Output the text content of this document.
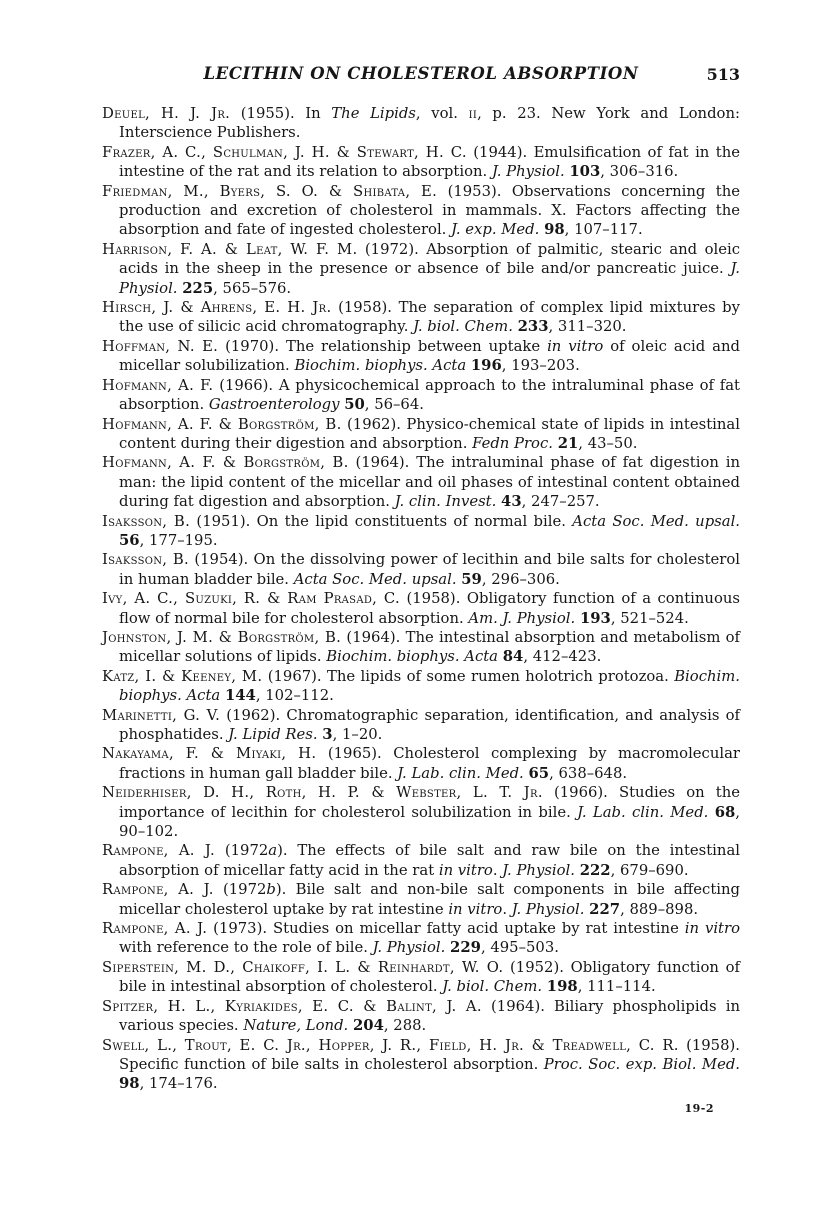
LECITHIN ON CHOLESTEROL ABSORPTION	513

Deuel, H. J. Jr. (1955). In The Lipids, vol. ii, p. 23. New York and London: Interscience Publishers.

Frazer, A. C., Schulman, J. H. & Stewart, H. C. (1944). Emulsification of fat in the intestine of the rat and its relation to absorption. J. Physiol. 103, 306–316.

Friedman, M., Byers, S. O. & Shibata, E. (1953). Observations concerning the production and excretion of cholesterol in mammals. X. Factors affecting the absorption and fate of ingested cholesterol. J. exp. Med. 98, 107–117.

Harrison, F. A. & Leat, W. F. M. (1972). Absorption of palmitic, stearic and oleic acids in the sheep in the presence or absence of bile and/or pancreatic juice. J. Physiol. 225, 565–576.

Hirsch, J. & Ahrens, E. H. Jr. (1958). The separation of complex lipid mixtures by the use of silicic acid chromatography. J. biol. Chem. 233, 311–320.

Hoffman, N. E. (1970). The relationship between uptake in vitro of oleic acid and micellar solubilization. Biochim. biophys. Acta 196, 193–203.

Hofmann, A. F. (1966). A physicochemical approach to the intraluminal phase of fat absorption. Gastroenterology 50, 56–64.

Hofmann, A. F. & Borgström, B. (1962). Physico-chemical state of lipids in intestinal content during their digestion and absorption. Fedn Proc. 21, 43–50.

Hofmann, A. F. & Borgström, B. (1964). The intraluminal phase of fat digestion in man: the lipid content of the micellar and oil phases of intestinal content obtained during fat digestion and absorption. J. clin. Invest. 43, 247–257.

Isaksson, B. (1951). On the lipid constituents of normal bile. Acta Soc. Med. upsal. 56, 177–195.

Isaksson, B. (1954). On the dissolving power of lecithin and bile salts for cholesterol in human bladder bile. Acta Soc. Med. upsal. 59, 296–306.

Ivy, A. C., Suzuki, R. & Ram Prasad, C. (1958). Obligatory function of a continuous flow of normal bile for cholesterol absorption. Am. J. Physiol. 193, 521–524.

Johnston, J. M. & Borgström, B. (1964). The intestinal absorption and metabolism of micellar solutions of lipids. Biochim. biophys. Acta 84, 412–423.

Katz, I. & Keeney, M. (1967). The lipids of some rumen holotrich protozoa. Biochim. biophys. Acta 144, 102–112.

Marinetti, G. V. (1962). Chromatographic separation, identification, and analysis of phosphatides. J. Lipid Res. 3, 1–20.

Nakayama, F. & Miyaki, H. (1965). Cholesterol complexing by macromolecular fractions in human gall bladder bile. J. Lab. clin. Med. 65, 638–648.

Neiderhiser, D. H., Roth, H. P. & Webster, L. T. Jr. (1966). Studies on the importance of lecithin for cholesterol solubilization in bile. J. Lab. clin. Med. 68, 90–102.

Rampone, A. J. (1972a). The effects of bile salt and raw bile on the intestinal absorption of micellar fatty acid in the rat in vitro. J. Physiol. 222, 679–690.

Rampone, A. J. (1972b). Bile salt and non-bile salt components in bile affecting micellar cholesterol uptake by rat intestine in vitro. J. Physiol. 227, 889–898.

Rampone, A. J. (1973). Studies on micellar fatty acid uptake by rat intestine in vitro with reference to the role of bile. J. Physiol. 229, 495–503.

Siperstein, M. D., Chaikoff, I. L. & Reinhardt, W. O. (1952). Obligatory function of bile in intestinal absorption of cholesterol. J. biol. Chem. 198, 111–114.

Spitzer, H. L., Kyriakides, E. C. & Balint, J. A. (1964). Biliary phospholipids in various species. Nature, Lond. 204, 288.

Swell, L., Trout, E. C. Jr., Hopper, J. R., Field, H. Jr. & Treadwell, C. R. (1958). Specific function of bile salts in cholesterol absorption. Proc. Soc. exp. Biol. Med. 98, 174–176.

19-2
